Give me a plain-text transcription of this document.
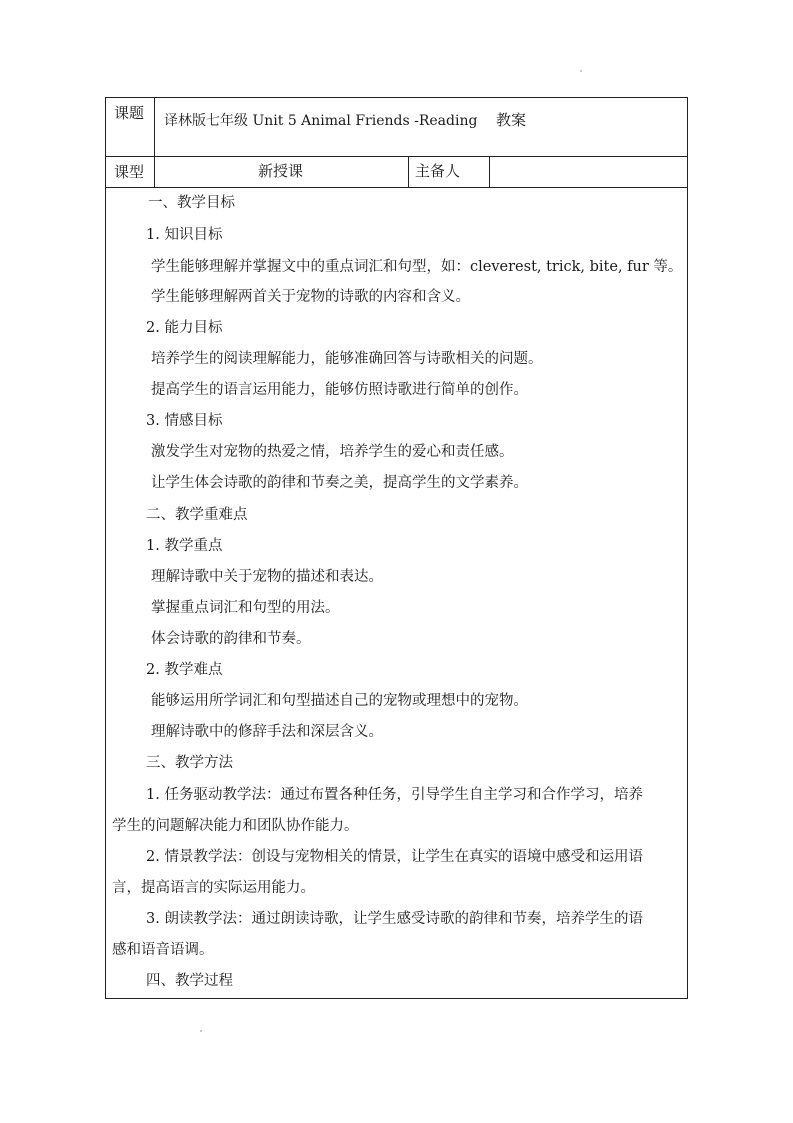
课题 译林版七年级 Unit 5 Animal Friends -Reading 教案
课型	新授课	主备人
一、教学目标
1. 知识目标
学生能够理解并掌握文中的重点词汇和句型，如：cleverest, trick, bite, fur 等。
学生能够理解两首关于宠物的诗歌的内容和含义。
2. 能力目标
培养学生的阅读理解能力，能够准确回答与诗歌相关的问题。
提高学生的语言运用能力，能够仿照诗歌进行简单的创作。
3. 情感目标
激发学生对宠物的热爱之情，培养学生的爱心和责任感。
让学生体会诗歌的韵律和节奏之美，提高学生的文学素养。
二、教学重难点
1. 教学重点
理解诗歌中关于宠物的描述和表达。
掌握重点词汇和句型的用法。
体会诗歌的韵律和节奏。
2. 教学难点
能够运用所学词汇和句型描述自己的宠物或理想中的宠物。
理解诗歌中的修辞手法和深层含义。
三、教学方法
1. 任务驱动教学法：通过布置各种任务，引导学生自主学习和合作学习，培养
学生的问题解决能力和团队协作能力。
2. 情景教学法：创设与宠物相关的情景，让学生在真实的语境中感受和运用语
言，提高语言的实际运用能力。
3. 朗读教学法：通过朗读诗歌，让学生感受诗歌的韵律和节奏，培养学生的语
感和语音语调。
四、教学过程
